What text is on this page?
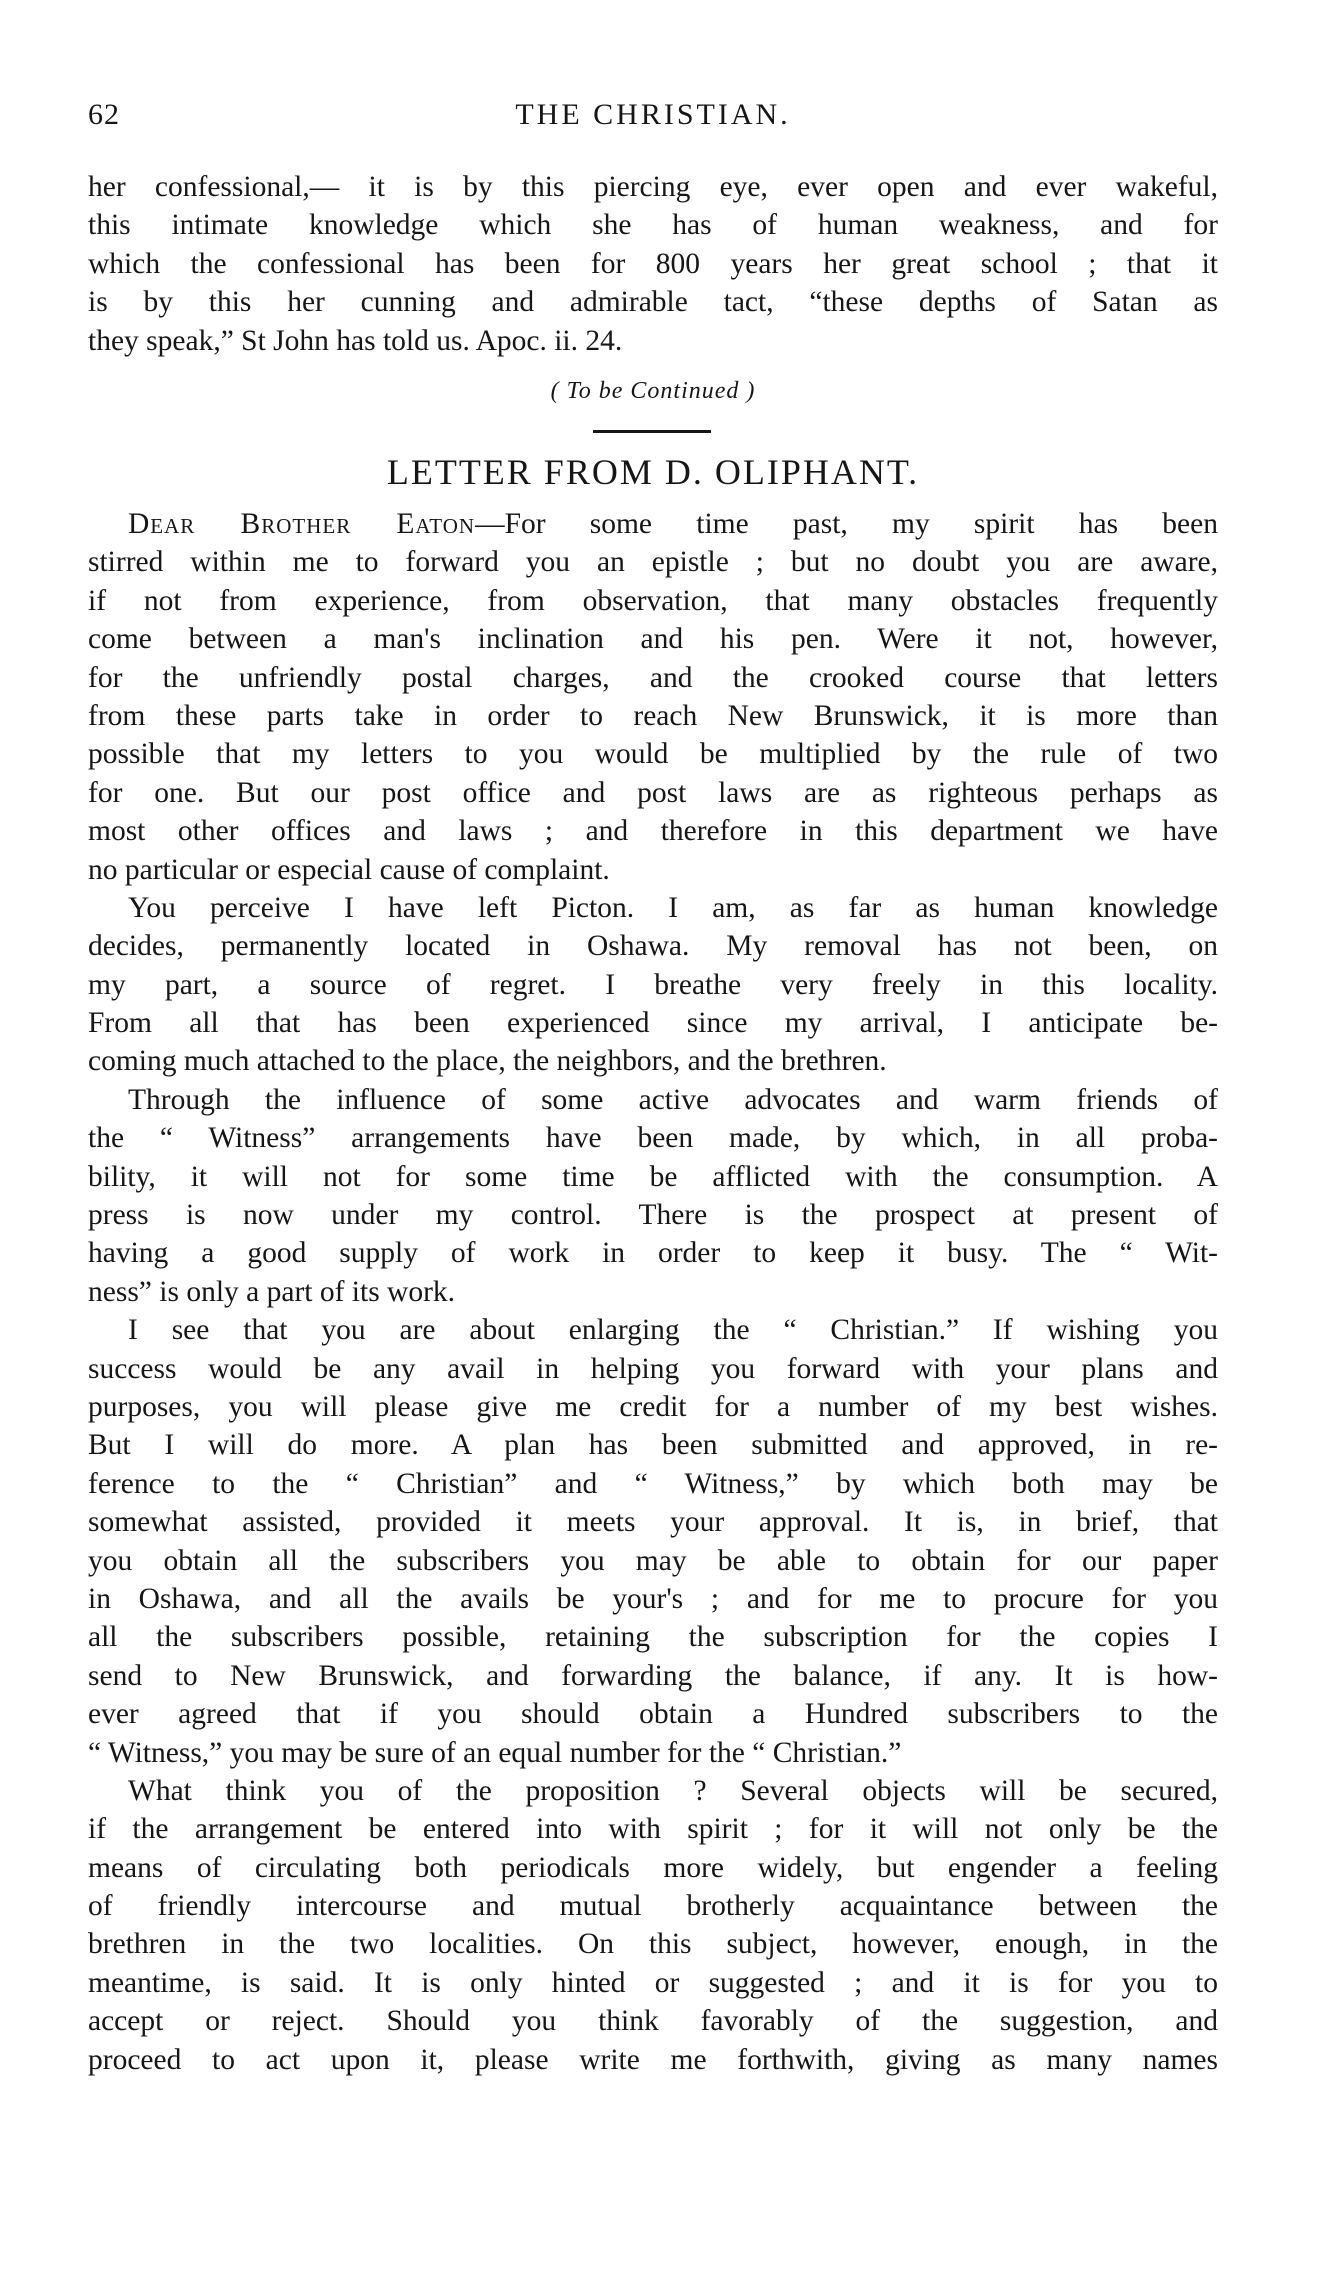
62	THE CHRISTIAN.
her confessional,— it is by this piercing eye, ever open and ever wakeful,
this intimate knowledge which she has of human weakness, and for
which the confessional has been for 800 years her great school ; that it
is by this her cunning and admirable tact, “these depths of Satan as
they speak,” St John has told us. Apoc. ii. 24.
( To be Continued )
LETTER FROM D. OLIPHANT.
Dear Brother Eaton—For some time past, my spirit has been
stirred within me to forward you an epistle ; but no doubt you are aware,
if not from experience, from observation, that many obstacles frequently
come between a man's inclination and his pen. Were it not, however,
for the unfriendly postal charges, and the crooked course that letters
from these parts take in order to reach New Brunswick, it is more than
possible that my letters to you would be multiplied by the rule of two
for one. But our post office and post laws are as righteous perhaps as
most other offices and laws ; and therefore in this department we have
no particular or especial cause of complaint.
You perceive I have left Picton. I am, as far as human knowledge
decides, permanently located in Oshawa. My removal has not been, on
my part, a source of regret. I breathe very freely in this locality.
From all that has been experienced since my arrival, I anticipate be-
coming much attached to the place, the neighbors, and the brethren.
Through the influence of some active advocates and warm friends of
the “ Witness” arrangements have been made, by which, in all proba-
bility, it will not for some time be afflicted with the consumption. A
press is now under my control. There is the prospect at present of
having a good supply of work in order to keep it busy. The “ Wit-
ness” is only a part of its work.
I see that you are about enlarging the “ Christian.” If wishing you
success would be any avail in helping you forward with your plans and
purposes, you will please give me credit for a number of my best wishes.
But I will do more. A plan has been submitted and approved, in re-
ference to the “ Christian” and “ Witness,” by which both may be
somewhat assisted, provided it meets your approval. It is, in brief, that
you obtain all the subscribers you may be able to obtain for our paper
in Oshawa, and all the avails be your's ; and for me to procure for you
all the subscribers possible, retaining the subscription for the copies I
send to New Brunswick, and forwarding the balance, if any. It is how-
ever agreed that if you should obtain a Hundred subscribers to the
“ Witness,” you may be sure of an equal number for the “ Christian.”
What think you of the proposition ? Several objects will be secured,
if the arrangement be entered into with spirit ; for it will not only be the
means of circulating both periodicals more widely, but engender a feeling
of friendly intercourse and mutual brotherly acquaintance between the
brethren in the two localities. On this subject, however, enough, in the
meantime, is said. It is only hinted or suggested ; and it is for you to
accept or reject. Should you think favorably of the suggestion, and
proceed to act upon it, please write me forthwith, giving as many names
